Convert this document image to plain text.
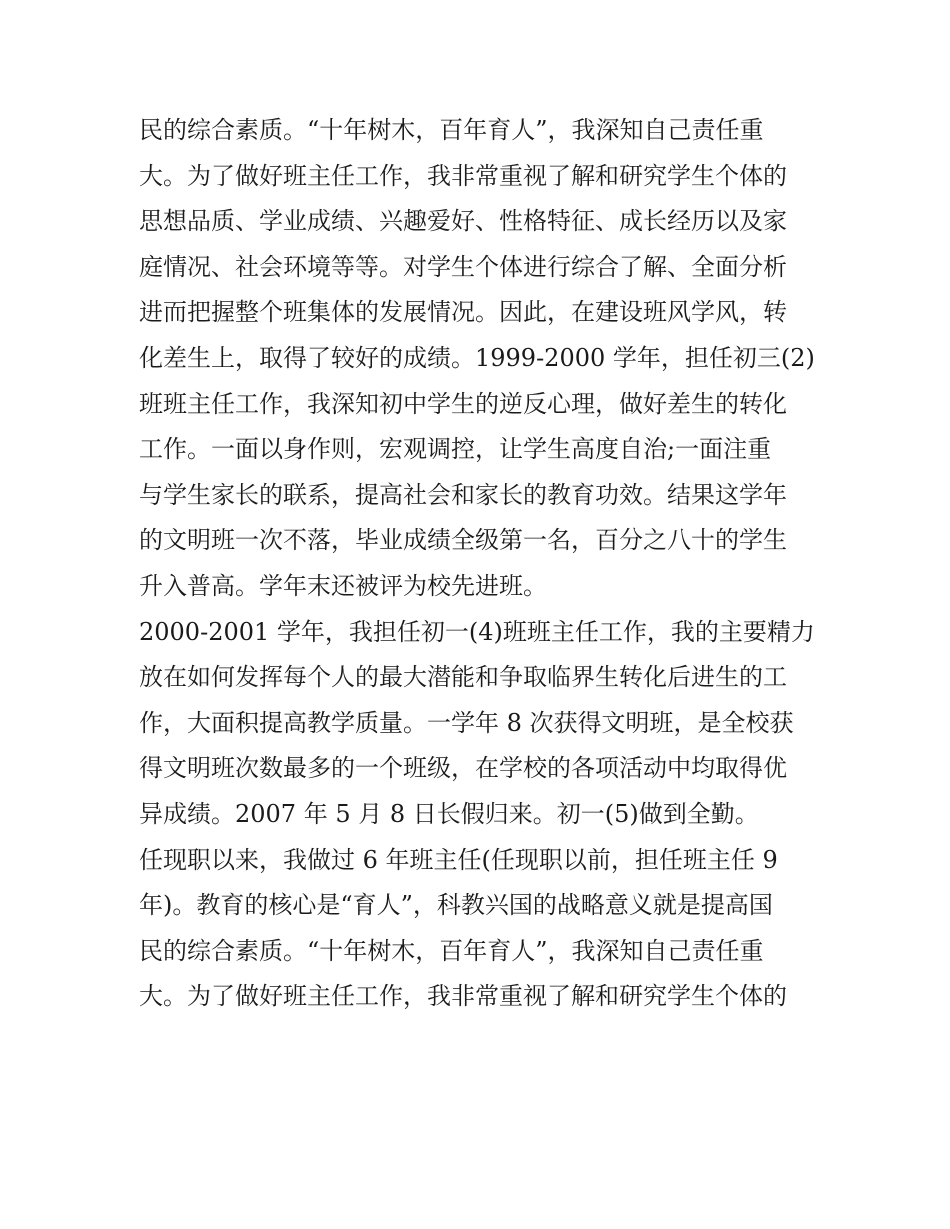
民的综合素质。“十年树木，百年育人”，我深知自己责任重
大。为了做好班主任工作，我非常重视了解和研究学生个体的
思想品质、学业成绩、兴趣爱好、性格特征、成长经历以及家
庭情况、社会环境等等。对学生个体进行综合了解、全面分析
进而把握整个班集体的发展情况。因此，在建设班风学风，转
化差生上，取得了较好的成绩。1999-2000 学年，担任初三(2)
班班主任工作，我深知初中学生的逆反心理，做好差生的转化
工作。一面以身作则，宏观调控，让学生高度自治;一面注重
与学生家长的联系，提高社会和家长的教育功效。结果这学年
的文明班一次不落，毕业成绩全级第一名，百分之八十的学生
升入普高。学年末还被评为校先进班。
2000-2001 学年，我担任初一(4)班班主任工作，我的主要精力
放在如何发挥每个人的最大潜能和争取临界生转化后进生的工
作，大面积提高教学质量。一学年 8 次获得文明班，是全校获
得文明班次数最多的一个班级，在学校的各项活动中均取得优
异成绩。2007 年 5 月 8 日长假归来。初一(5)做到全勤。
任现职以来，我做过 6 年班主任(任现职以前，担任班主任 9
年)。教育的核心是“育人”，科教兴国的战略意义就是提高国
民的综合素质。“十年树木，百年育人”，我深知自己责任重
大。为了做好班主任工作，我非常重视了解和研究学生个体的
